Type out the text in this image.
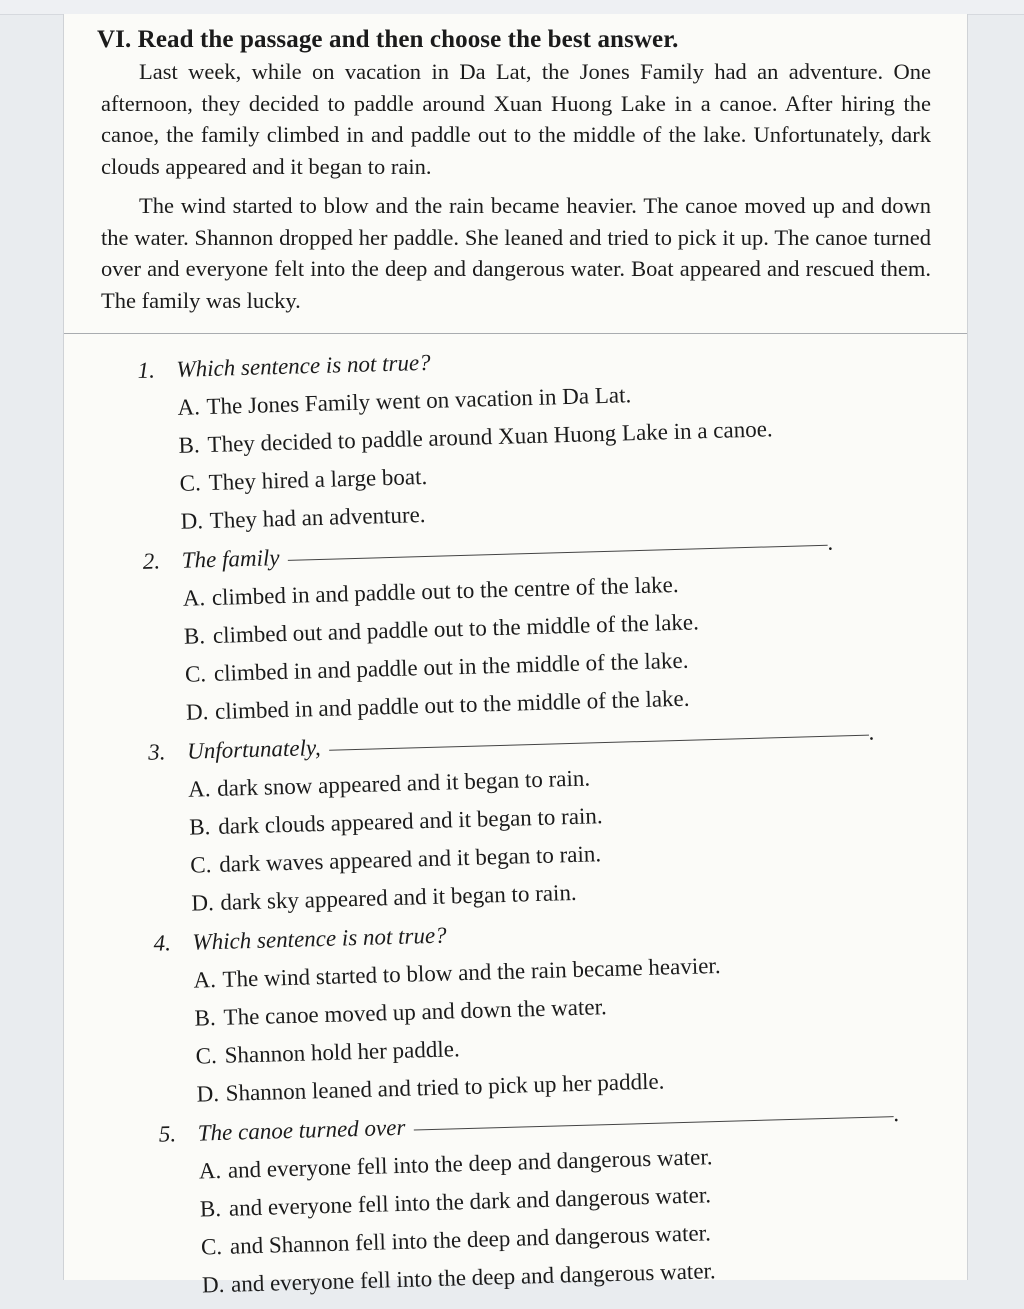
VI. Read the passage and then choose the best answer.

Last week, while on vacation in Da Lat, the Jones Family had an adventure. One afternoon, they decided to paddle around Xuan Huong Lake in a canoe. After hiring the canoe, the family climbed in and paddle out to the middle of the lake. Unfortunately, dark clouds appeared and it began to rain.

The wind started to blow and the rain became heavier. The canoe moved up and down the water. Shannon dropped her paddle. She leaned and tried to pick it up. The canoe turned over and everyone felt into the deep and dangerous water. Boat appeared and rescued them. The family was lucky.

1. Which sentence is not true?
A. The Jones Family went on vacation in Da Lat.
B. They decided to paddle around Xuan Huong Lake in a canoe.
C. They hired a large boat.
D. They had an adventure.
2. The family.
A. climbed in and paddle out to the centre of the lake.
B. climbed out and paddle out to the middle of the lake.
C. climbed in and paddle out in the middle of the lake.
D. climbed in and paddle out to the middle of the lake.
3. Unfortunately,.
A. dark snow appeared and it began to rain.
B. dark clouds appeared and it began to rain.
C. dark waves appeared and it began to rain.
D. dark sky appeared and it began to rain.
4. Which sentence is not true?
A. The wind started to blow and the rain became heavier.
B. The canoe moved up and down the water.
C. Shannon hold her paddle.
D. Shannon leaned and tried to pick up her paddle.
5. The canoe turned over.
A. and everyone fell into the deep and dangerous water.
B. and everyone fell into the dark and dangerous water.
C. and Shannon fell into the deep and dangerous water.
D. and everyone fell into the deep and dangerous water.
